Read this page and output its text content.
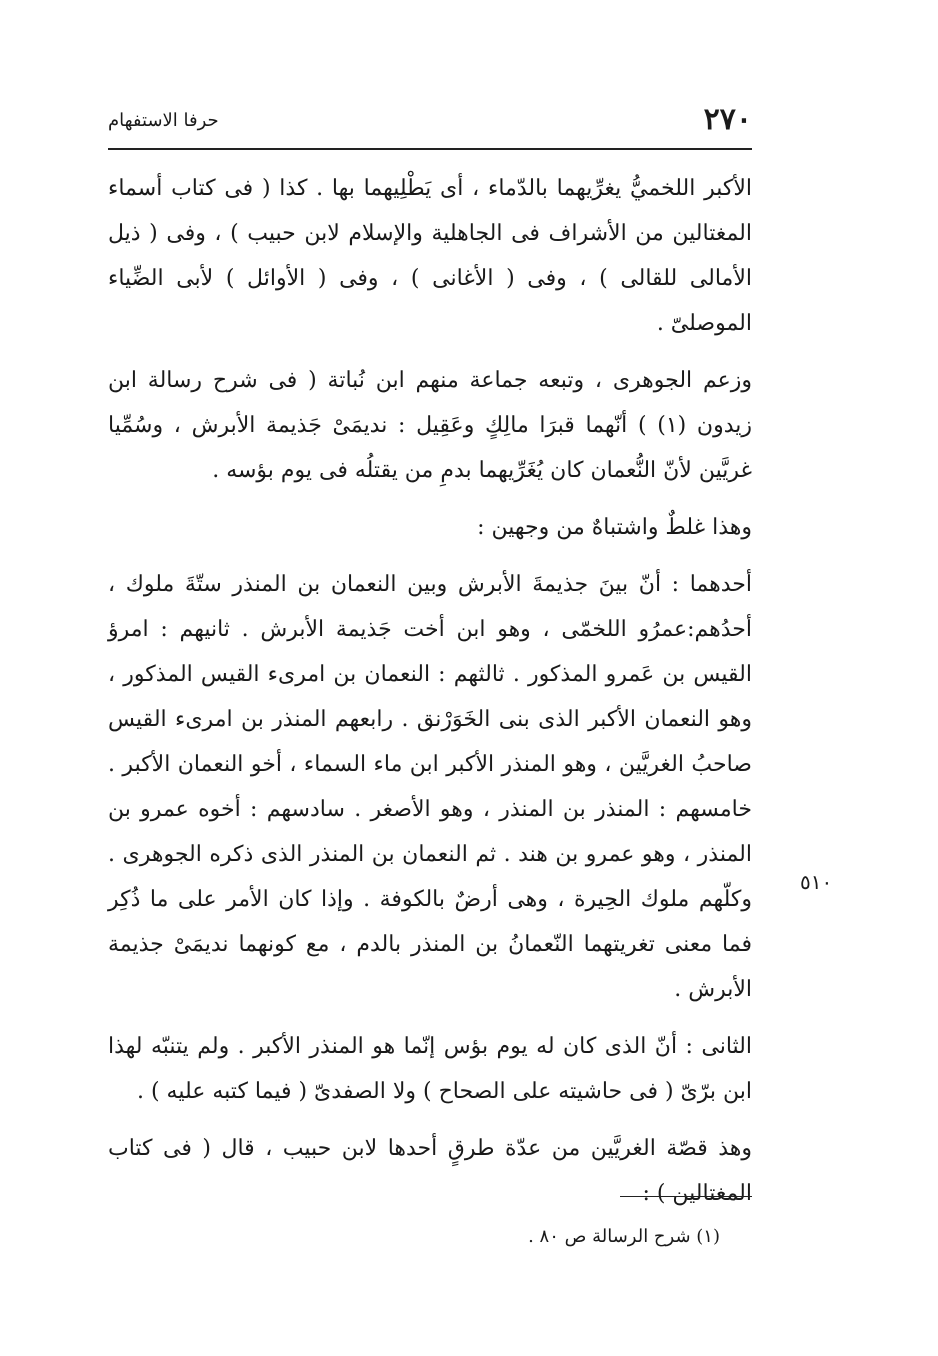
٢٧٠
حرفا الاستفهام

الأكبر اللخميُّ يغرِّيهما بالدّماء ، أى يَطْلِيهما بها . كذا ( فى كتاب أسماء المغتالين من الأشراف فى الجاهلية والإسلام لابن حبيب ) ، وفى ( ذيل الأمالى للقالى ) ، وفى ( الأغانى ) ، وفى ( الأوائل ) لأبى الضِّياء الموصلىّ .

وزعم الجوهرى ، وتبعه جماعة منهم ابن نُباتة ( فى شرح رسالة ابن زيدون (١) ) أنّهما قبرَا مالِكٍ وعَقِيل : نديمَىْ جَذيمة الأبرش ، وسُمِّيا غريَّين لأنّ النُّعمان كان يُغَرِّيهما بدمِ من يقتلُه فى يوم بؤسه .

وهذا غلطٌ واشتباهٌ من وجهين :

أحدهما : أنّ بينَ جذيمةَ الأبرش وبين النعمان بن المنذر ستّةَ ملوك ، أحدُهم:عمرُو اللخمّى ، وهو ابن أخت جَذيمة الأبرش . ثانيهم : امرؤ القيس بن عَمرو المذكور . ثالثهم : النعمان بن امرىء القيس المذكور ، وهو النعمان الأكبر الذى بنى الخَوَرْنق . رابعهم المنذر بن امرىء القيس صاحبُ الغريَّين ، وهو المنذر الأكبر ابن ماء السماء ، أخو النعمان الأكبر . خامسهم : المنذر بن المنذر ، وهو الأصغر . سادسهم : أخوه عمرو بن المنذر ، وهو عمرو بن هند . ثم النعمان بن المنذر الذى ذكره الجوهرى . وكلّهم ملوك الحِيرة ، وهى أرضٌ بالكوفة . وإذا كان الأمر على ما ذُكِر فما معنى تغريتهما النّعمانُ بن المنذر بالدم ، مع كونهما نديمَىْ جذيمة الأبرش .

الثانى : أنّ الذى كان له يوم بؤس إنّما هو المنذر الأكبر . ولم يتنبّه لهذا ابن برّىّ ( فى حاشيته على الصحاح ) ولا الصفدىّ ( فيما كتبه عليه ) .

وهذ قصّة الغريَّين من عدّة طرقٍ أحدها لابن حبيب ، قال ( فى كتاب المغتالين ) :

٥١٠
(١) شرح الرسالة ص ٨٠ .
